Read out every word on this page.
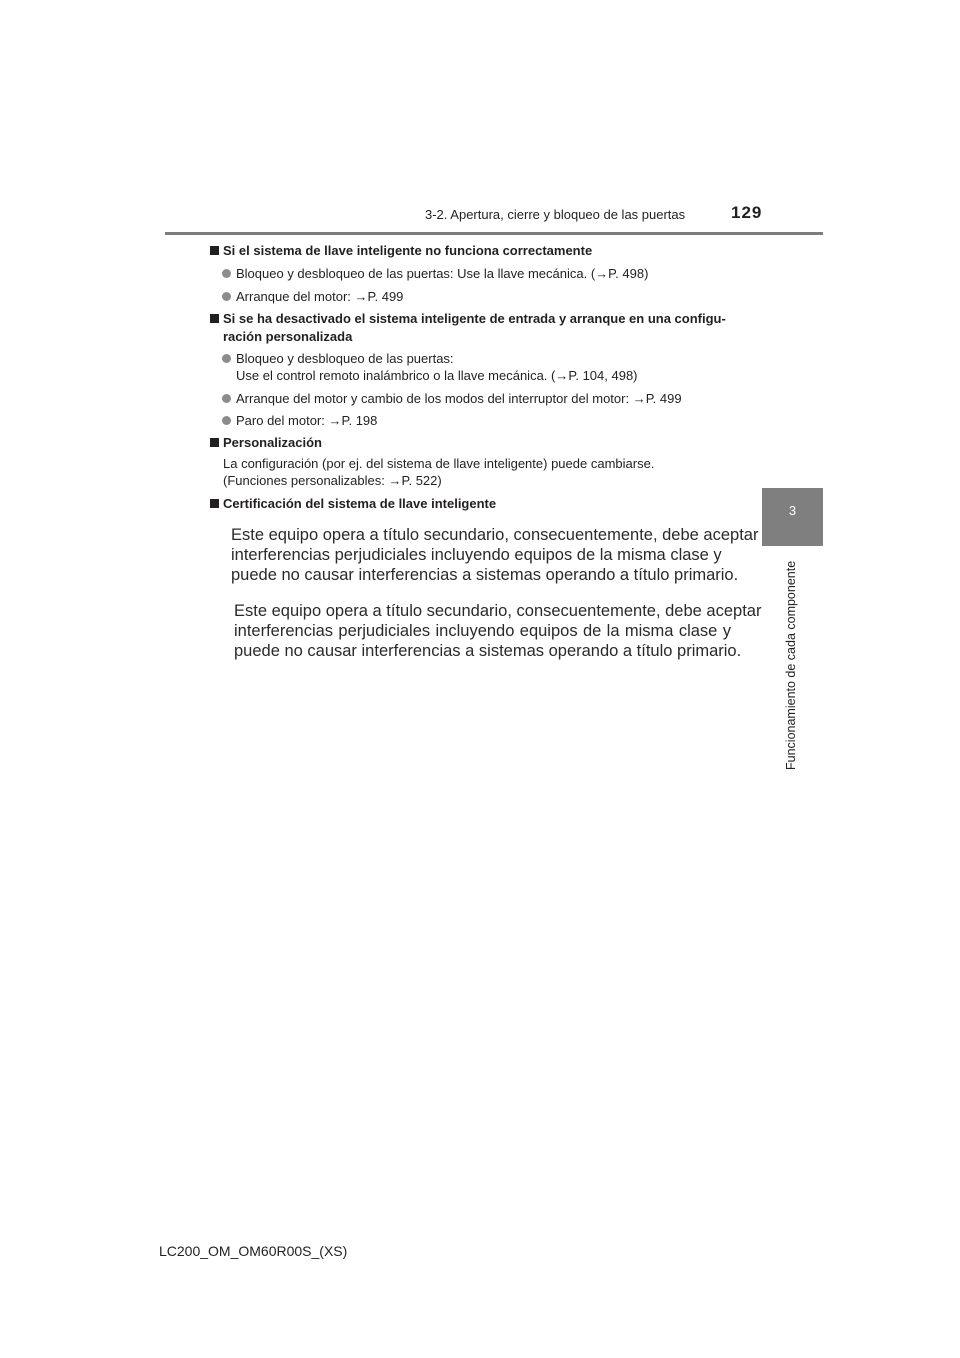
3-2. Apertura, cierre y bloqueo de las puertas	129
3
Funcionamiento de cada componente
Si el sistema de llave inteligente no funciona correctamente
Bloqueo y desbloqueo de las puertas: Use la llave mecánica. (→P. 498)
Arranque del motor: →P. 499
Si se ha desactivado el sistema inteligente de entrada y arranque en una configu-
ración personalizada
Bloqueo y desbloqueo de las puertas:
Use el control remoto inalámbrico o la llave mecánica. (→P. 104, 498)
Arranque del motor y cambio de los modos del interruptor del motor: →P. 499
Paro del motor: →P. 198
Personalización
La configuración (por ej. del sistema de llave inteligente) puede cambiarse.
(Funciones personalizables: →P. 522)
Certificación del sistema de llave inteligente
Este equipo opera a título secundario, consecuentemente, debe aceptar
interferencias perjudiciales incluyendo equipos de la misma clase y
puede no causar interferencias a sistemas operando a título primario.
Este equipo opera a título secundario, consecuentemente, debe aceptar
interferencias perjudiciales incluyendo equipos de la misma clase y
puede no causar interferencias a sistemas operando a título primario.
LC200_OM_OM60R00S_(XS)
